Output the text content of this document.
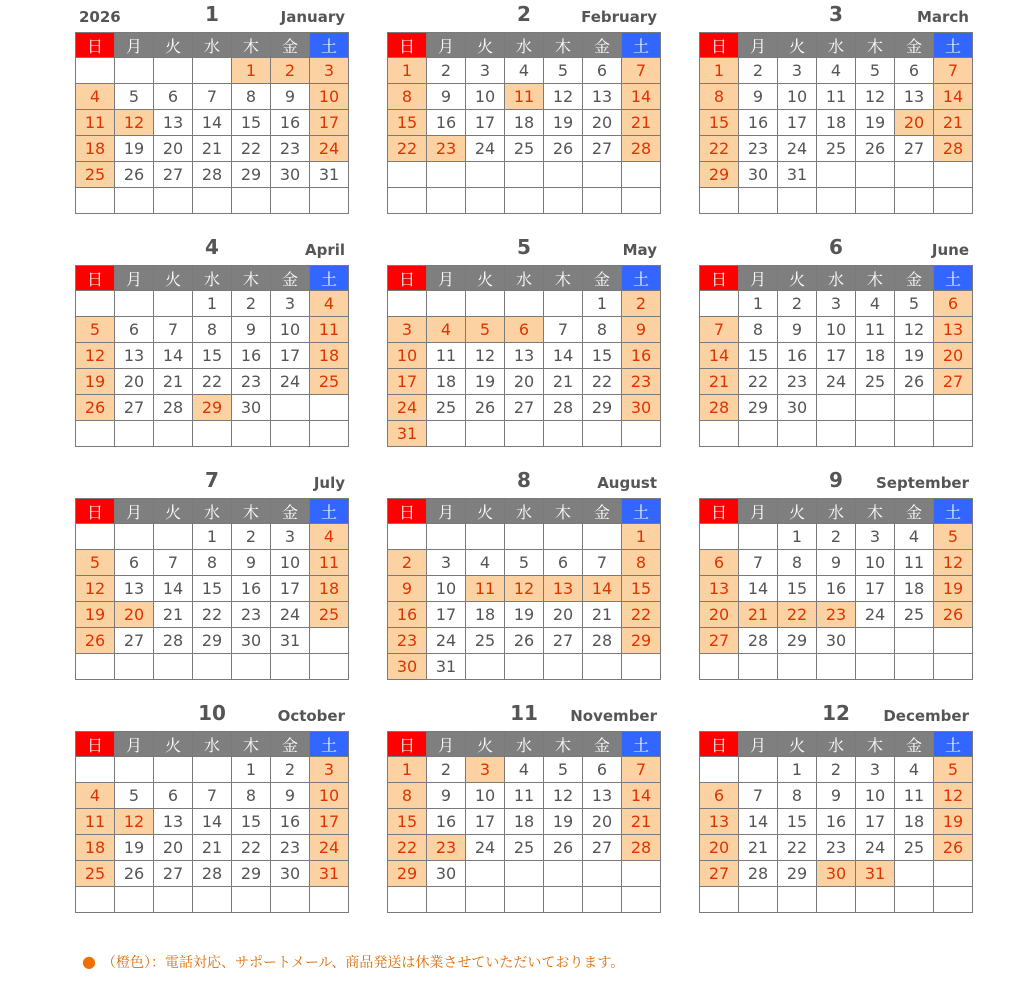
2026	1	January
日	月	火	水	木	金	土
				1	2	3
4	5	6	7	8	9	10
11	12	13	14	15	16	17
18	19	20	21	22	23	24
25	26	27	28	29	30	31

2	February
日	月	火	水	木	金	土
1	2	3	4	5	6	7
8	9	10	11	12	13	14
15	16	17	18	19	20	21
22	23	24	25	26	27	28

3	March
日	月	火	水	木	金	土
1	2	3	4	5	6	7
8	9	10	11	12	13	14
15	16	17	18	19	20	21
22	23	24	25	26	27	28
29	30	31				

4	April
日	月	火	水	木	金	土
			1	2	3	4
5	6	7	8	9	10	11
12	13	14	15	16	17	18
19	20	21	22	23	24	25
26	27	28	29	30		

5	May
日	月	火	水	木	金	土
					1	2
3	4	5	6	7	8	9
10	11	12	13	14	15	16
17	18	19	20	21	22	23
24	25	26	27	28	29	30
31						
6	June
日	月	火	水	木	金	土
	1	2	3	4	5	6
7	8	9	10	11	12	13
14	15	16	17	18	19	20
21	22	23	24	25	26	27
28	29	30				

7	July
日	月	火	水	木	金	土
			1	2	3	4
5	6	7	8	9	10	11
12	13	14	15	16	17	18
19	20	21	22	23	24	25
26	27	28	29	30	31	

8	August
日	月	火	水	木	金	土
						1
2	3	4	5	6	7	8
9	10	11	12	13	14	15
16	17	18	19	20	21	22
23	24	25	26	27	28	29
30	31					
9	September
日	月	火	水	木	金	土
		1	2	3	4	5
6	7	8	9	10	11	12
13	14	15	16	17	18	19
20	21	22	23	24	25	26
27	28	29	30			

10	October
日	月	火	水	木	金	土
				1	2	3
4	5	6	7	8	9	10
11	12	13	14	15	16	17
18	19	20	21	22	23	24
25	26	27	28	29	30	31

11	November
日	月	火	水	木	金	土
1	2	3	4	5	6	7
8	9	10	11	12	13	14
15	16	17	18	19	20	21
22	23	24	25	26	27	28
29	30					

12	December
日	月	火	水	木	金	土
		1	2	3	4	5
6	7	8	9	10	11	12
13	14	15	16	17	18	19
20	21	22	23	24	25	26
27	28	29	30	31		

● （橙色）：電話対応、サポートメール、商品発送は休業させていただいております。
